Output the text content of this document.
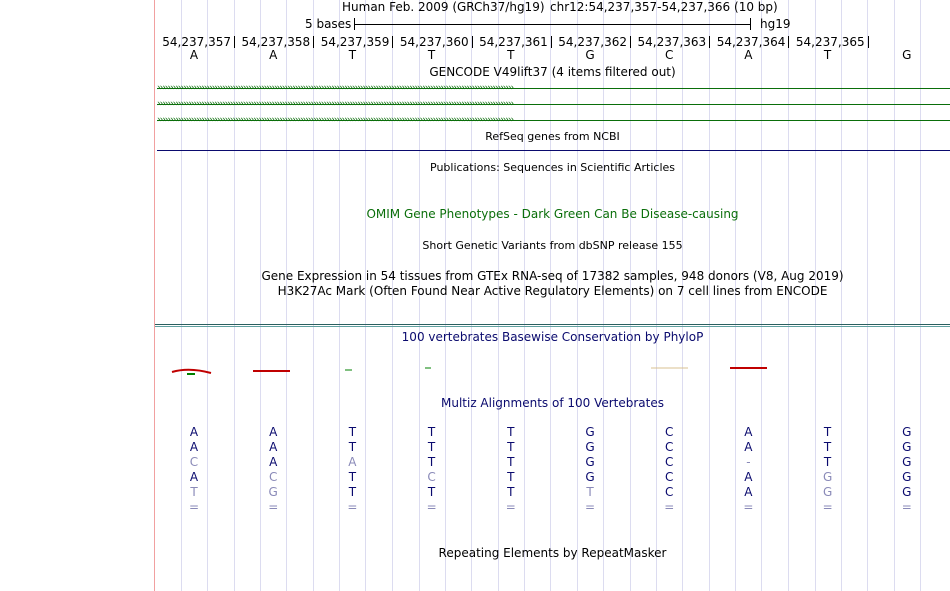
Human Feb. 2009 (GRCh37/hg19) chr12:54,237,357-54,237,366 (10 bp)
5 bases	hg19
54,237,357 54,237,358 54,237,359 54,237,360 54,237,361 54,237,362 54,237,363 54,237,364 54,237,365
A	A	T	T	T	G	C	A	T	G
GENCODE V49lift37 (4 items filtered out)
RefSeq genes from NCBI
Publications: Sequences in Scientific Articles
OMIM Gene Phenotypes - Dark Green Can Be Disease-causing
Short Genetic Variants from dbSNP release 155
Gene Expression in 54 tissues from GTEx RNA-seq of 17382 samples, 948 donors (V8, Aug 2019)
H3K27Ac Mark (Often Found Near Active Regulatory Elements) on 7 cell lines from ENCODE
100 vertebrates Basewise Conservation by PhyloP
Multiz Alignments of 100 Vertebrates
A	A	T	T	T	G	C	A	T	G
A	A	T	T	T	G	C	A	T	G
C	A	A	T	T	G	C	-	T	G
A	C	T	C	T	G	C	A	G	G
T	G	T	T	T	T	C	A	G	G
=	=	=	=	=	=	=	=	=	=
Repeating Elements by RepeatMasker
